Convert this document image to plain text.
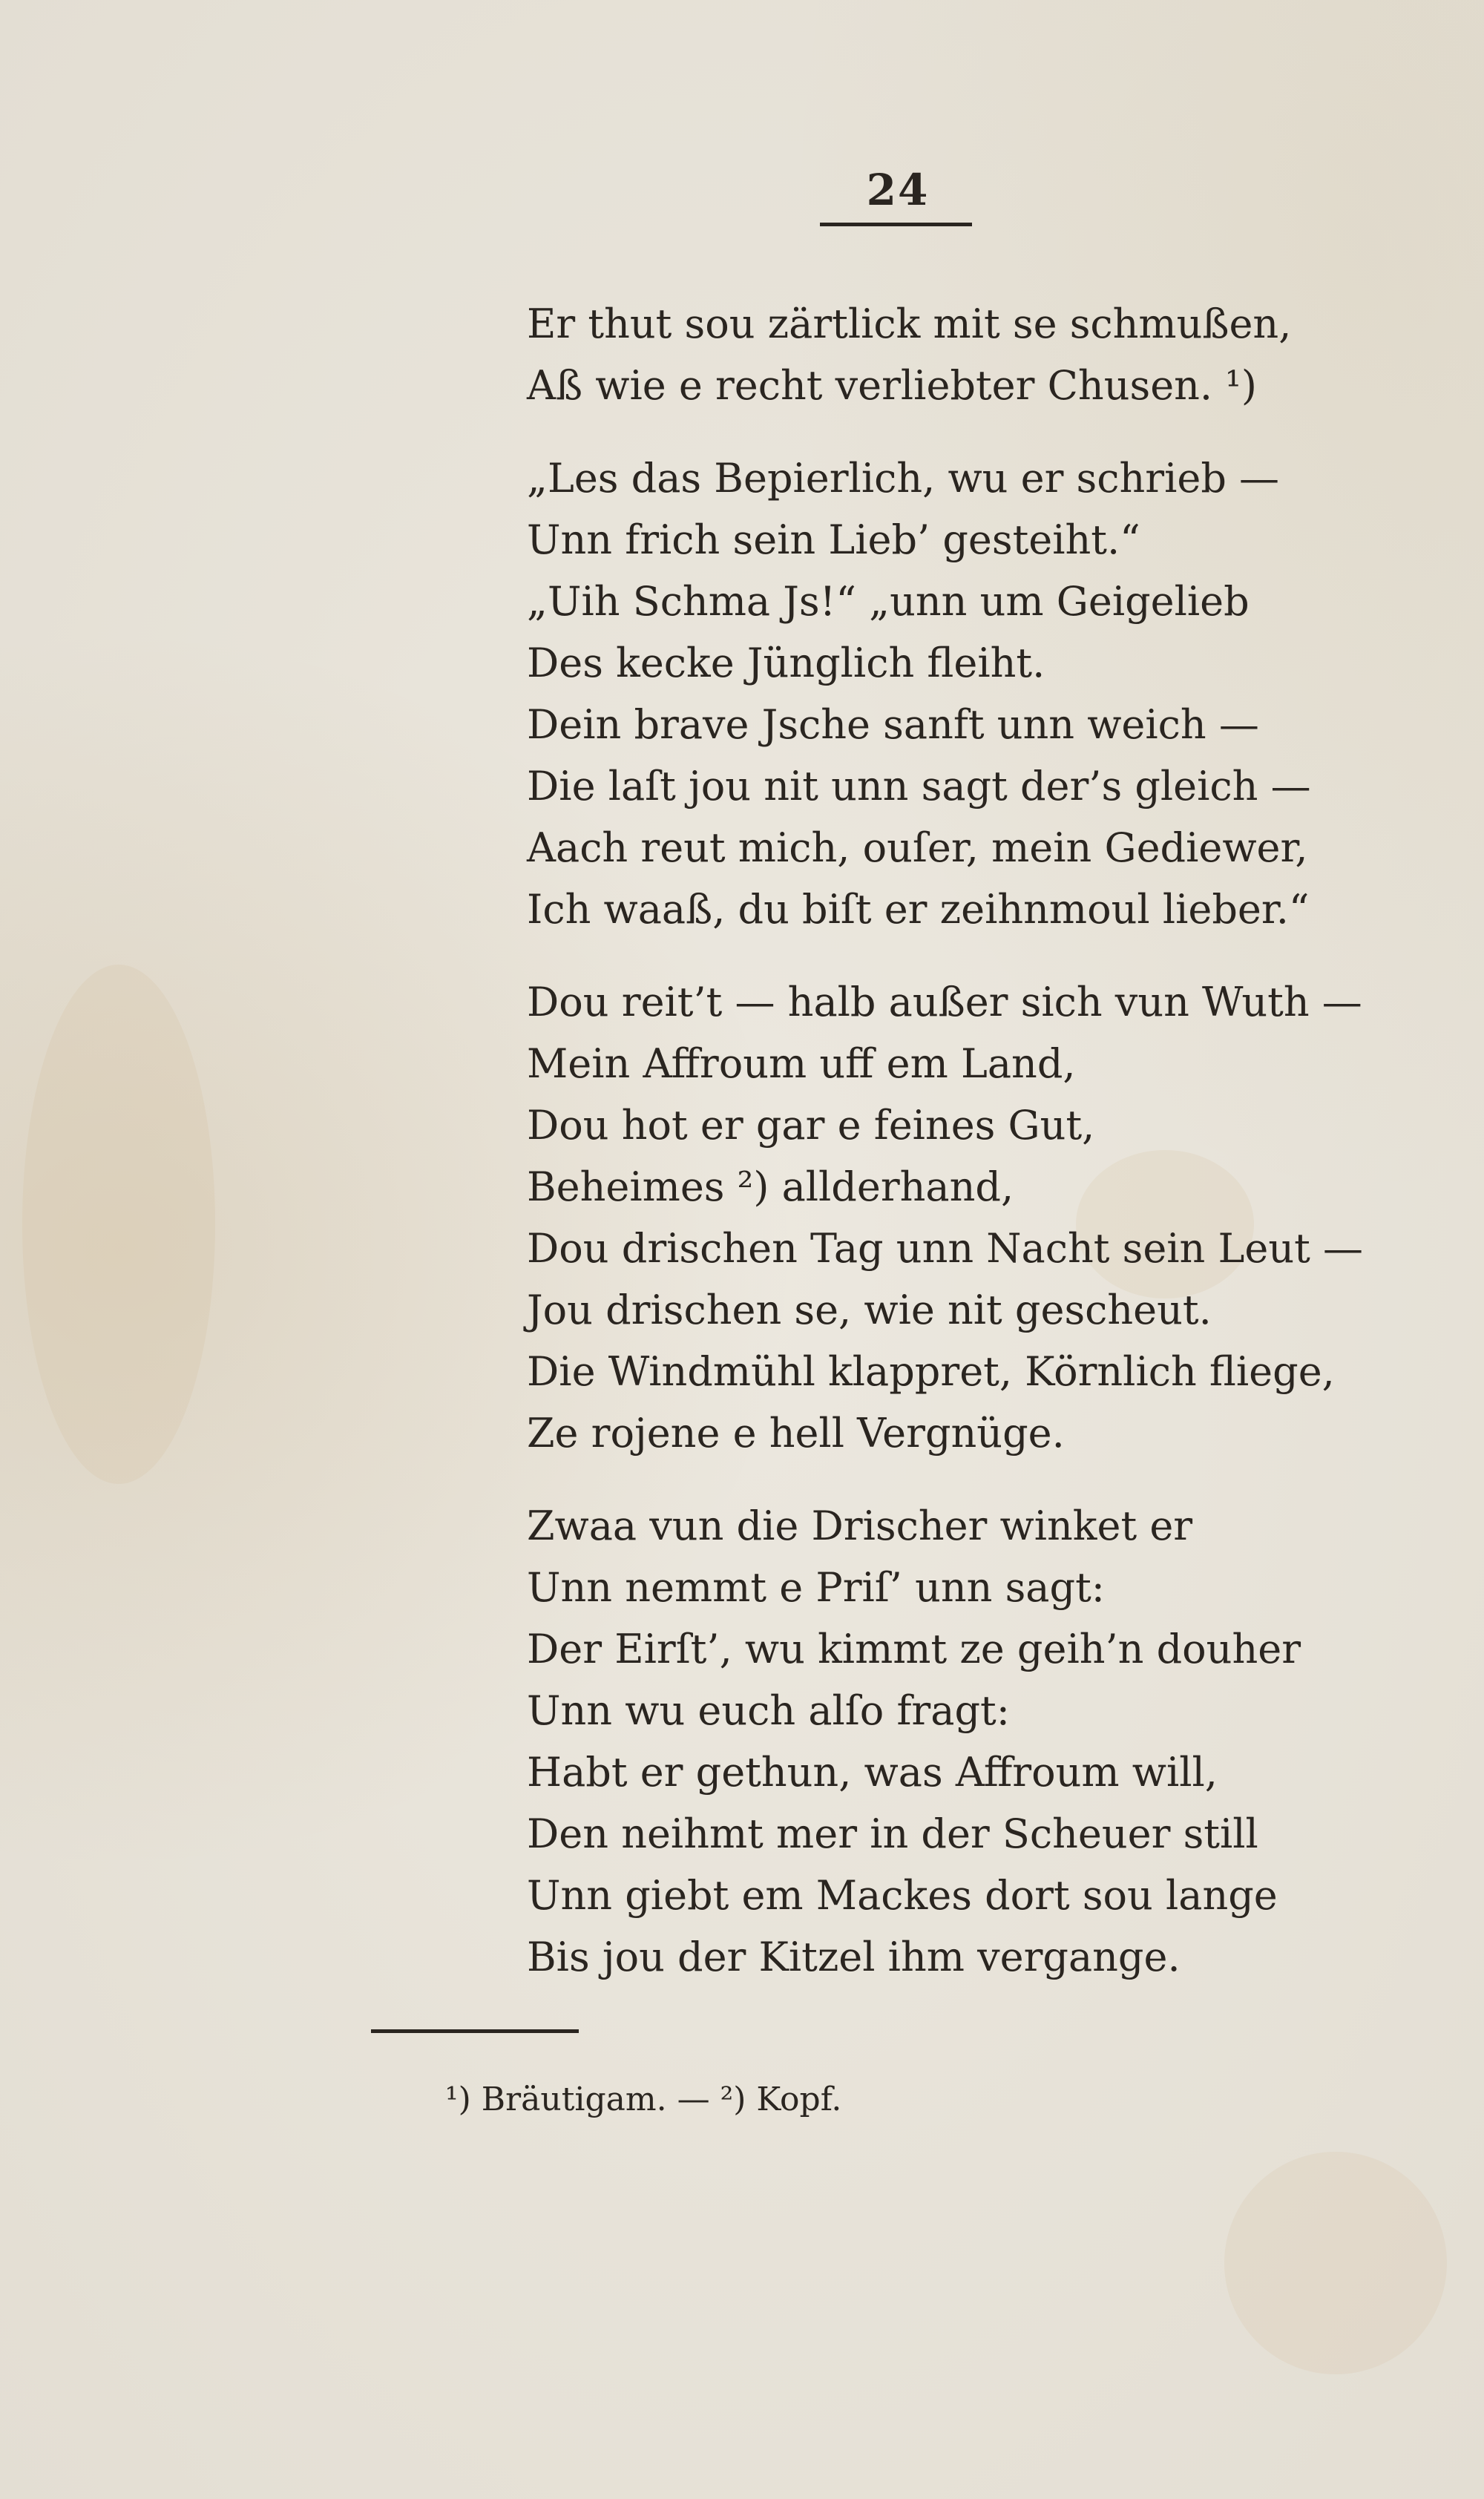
24
Er thut sou zärtlick mit se schmußen,
Aß wie e recht verliebter Chusen. ¹)
„Les das Bepierlich, wu er schrieb —
Unn frich sein Lieb’ gesteiht.“
„Uih Schma Js!“ „unn um Geigelieb
Des kecke Jünglich fleiht.
Dein brave Jsche sanft unn weich —
Die laſt jou nit unn sagt der’s gleich —
Aach reut mich, ouſer, mein Gediewer,
Ich waaß, du biſt er zeihnmoul lieber.“
Dou reit’t — halb außer sich vun Wuth —
Mein Affroum uff em Land,
Dou hot er gar e feines Gut,
Beheimes ²) allderhand,
Dou drischen Tag unn Nacht sein Leut —
Jou drischen se, wie nit gescheut.
Die Windmühl klappret, Körnlich fliege,
Ze rojene e hell Vergnüge.
Zwaa vun die Drischer winket er
Unn nemmt e Priſ’ unn sagt:
Der Eirſt’, wu kimmt ze geih’n douher
Unn wu euch alſo fragt:
Habt er gethun, was Affroum will,
Den neihmt mer in der Scheuer still
Unn giebt em Mackes dort sou lange
Bis jou der Kitzel ihm vergange.
¹) Bräutigam. — ²) Kopf.
